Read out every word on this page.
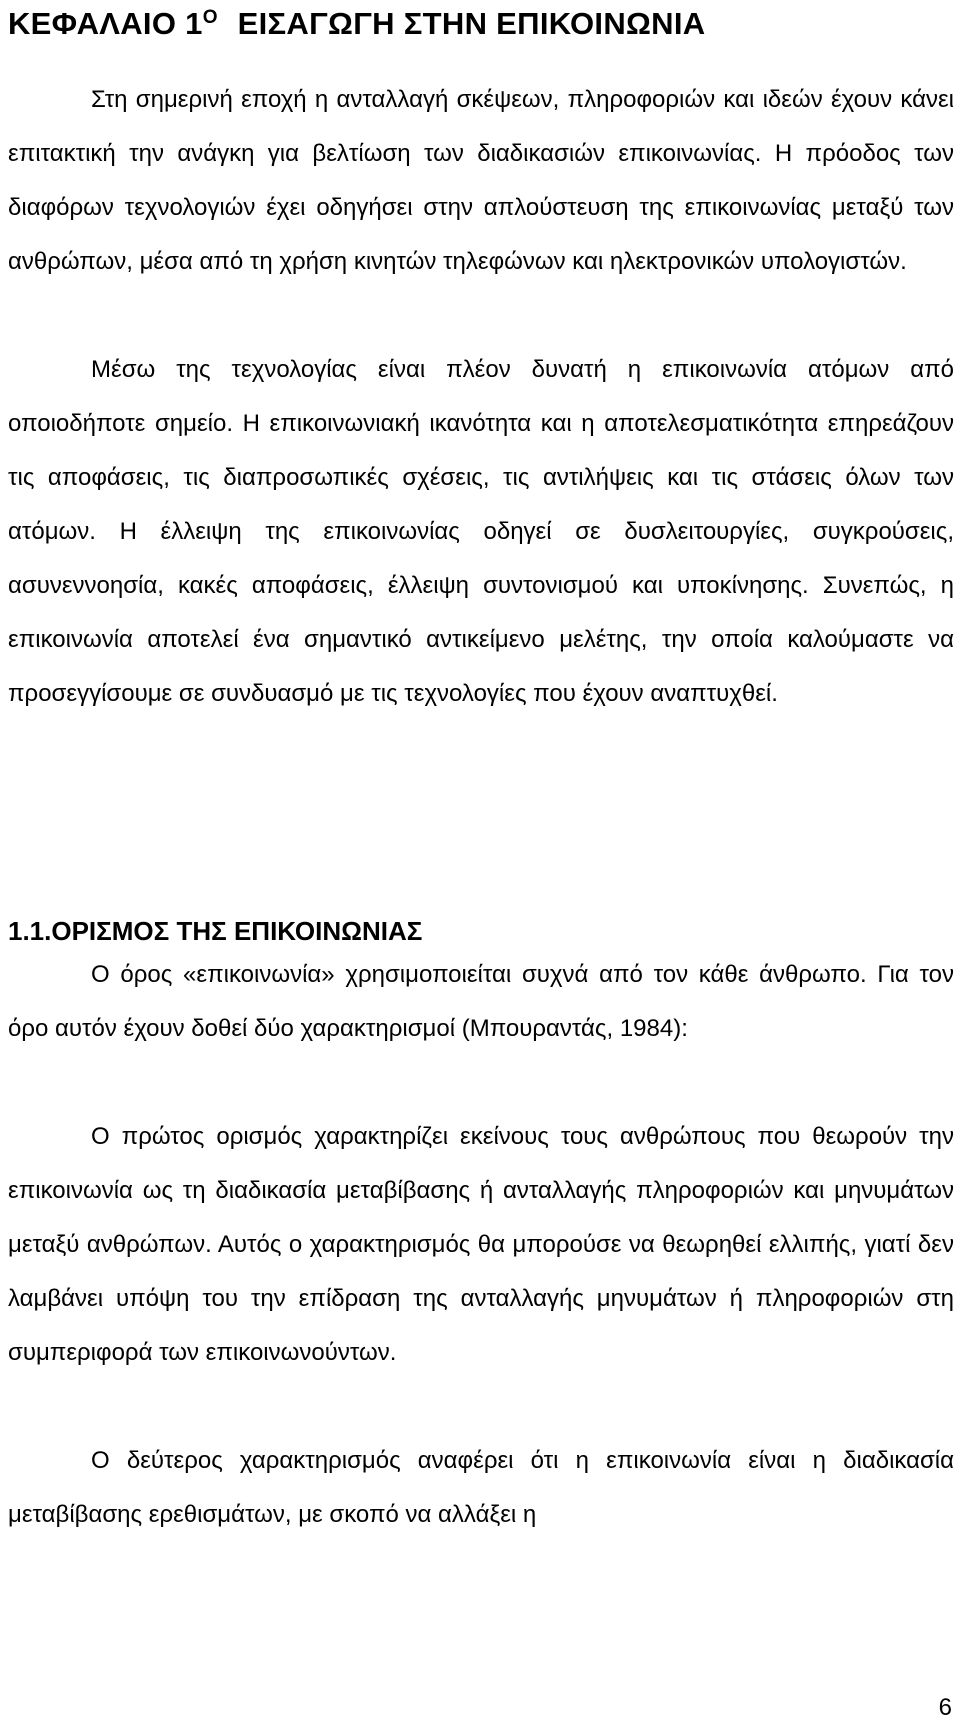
ΚΕΦΑΛΑΙΟ $1^O$ ΕΙΣΑΓΩΓΗ ΣΤΗΝ ΕΠΙΚΟΙΝΩΝΙΑ

Στη σημερινή εποχή η ανταλλαγή σκέψεων, πληροφοριών και ιδεών έχουν κάνει επιτακτική την ανάγκη για βελτίωση των διαδικασιών επικοινωνίας. Η πρόοδος των διαφόρων τεχνολογιών έχει οδηγήσει στην απλούστευση της επικοινωνίας μεταξύ των ανθρώπων, μέσα από τη χρήση κινητών τηλεφώνων και ηλεκτρονικών υπολογιστών.

Μέσω της τεχνολογίας είναι πλέον δυνατή η επικοινωνία ατόμων από οποιοδήποτε σημείο. Η επικοινωνιακή ικανότητα και η αποτελεσματικότητα επηρεάζουν τις αποφάσεις, τις διαπροσωπικές σχέσεις, τις αντιλήψεις και τις στάσεις όλων των ατόμων. Η έλλειψη της επικοινωνίας οδηγεί σε δυσλειτουργίες, συγκρούσεις, ασυνεννοησία, κακές αποφάσεις, έλλειψη συντονισμού και υποκίνησης. Συνεπώς, η επικοινωνία αποτελεί ένα σημαντικό αντικείμενο μελέτης, την οποία καλούμαστε να προσεγγίσουμε σε συνδυασμό με τις τεχνολογίες που έχουν αναπτυχθεί.

1.1.ΟΡΙΣΜΟΣ ΤΗΣ ΕΠΙΚΟΙΝΩΝΙΑΣ

Ο όρος «επικοινωνία» χρησιμοποιείται συχνά από τον κάθε άνθρωπο. Για τον όρο αυτόν έχουν δοθεί δύο χαρακτηρισμοί (Μπουραντάς, 1984):

Ο πρώτος ορισμός χαρακτηρίζει εκείνους τους ανθρώπους που θεωρούν την επικοινωνία ως τη διαδικασία μεταβίβασης ή ανταλλαγής πληροφοριών και μηνυμάτων μεταξύ ανθρώπων. Αυτός ο χαρακτηρισμός θα μπορούσε να θεωρηθεί ελλιπής, γιατί δεν λαμβάνει υπόψη του την επίδραση της ανταλλαγής μηνυμάτων ή πληροφοριών στη συμπεριφορά των επικοινωνούντων.

Ο δεύτερος χαρακτηρισμός αναφέρει ότι η επικοινωνία είναι η διαδικασία μεταβίβασης ερεθισμάτων, με σκοπό να αλλάξει η

6
